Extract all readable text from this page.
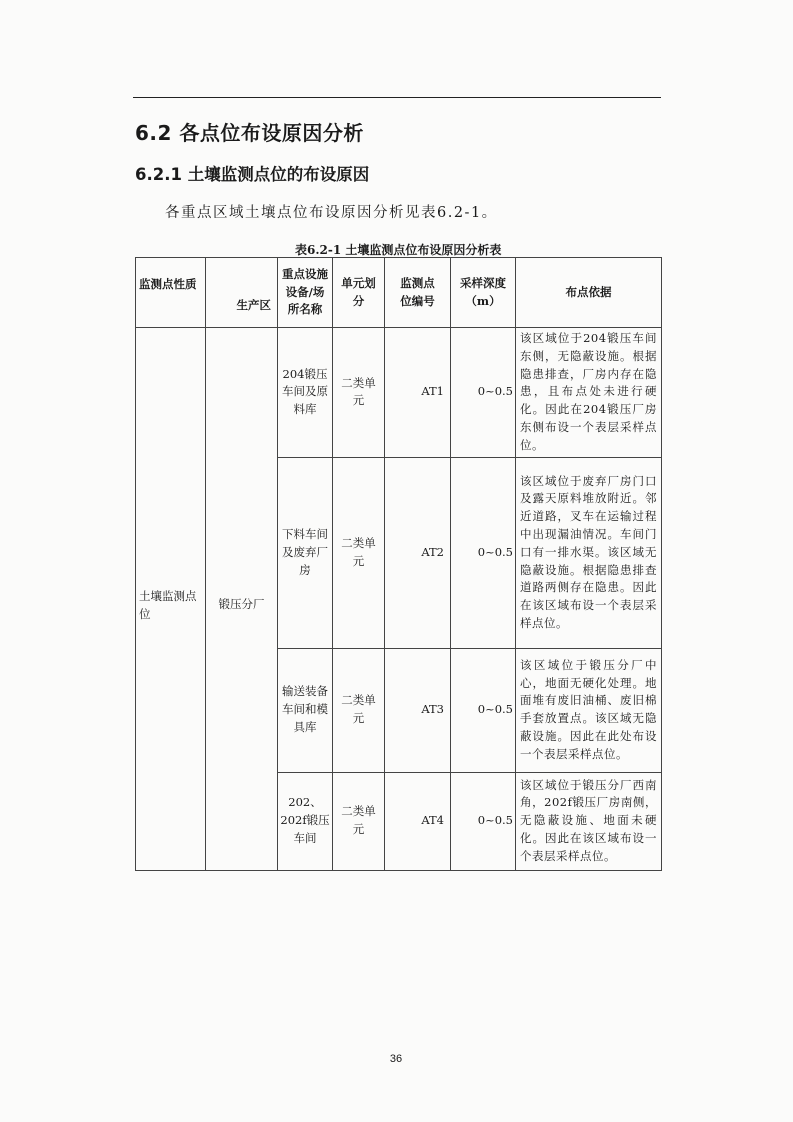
6.2 各点位布设原因分析
6.2.1 土壤监测点位的布设原因
各重点区域土壤点位布设原因分析见表6.2-1。
表6.2-1 土壤监测点位布设原因分析表
监测点性质	生产区	重点设施设备/场所名称	单元划分	监测点位编号	采样深度（m）	布点依据
土壤监测点位	锻压分厂	204锻压车间及原料库	二类单元	AT1	0~0.5	该区域位于204锻压车间东侧，无隐蔽设施。根据隐患排查，厂房内存在隐患，且布点处未进行硬化。因此在204锻压厂房东侧布设一个表层采样点位。
		下料车间及废弃厂房	二类单元	AT2	0~0.5	该区域位于废弃厂房门口及露天原料堆放附近。邻近道路，叉车在运输过程中出现漏油情况。车间门口有一排水渠。该区域无隐蔽设施。根据隐患排查道路两侧存在隐患。因此在该区域布设一个表层采样点位。
		输送装备车间和模具库	二类单元	AT3	0~0.5	该区域位于锻压分厂中心，地面无硬化处理。地面堆有废旧油桶、废旧棉手套放置点。该区域无隐蔽设施。因此在此处布设一个表层采样点位。
		202、202f锻压车间	二类单元	AT4	0~0.5	该区域位于锻压分厂西南角，202f锻压厂房南侧，无隐蔽设施、地面未硬化。因此在该区域布设一个表层采样点位。
36
